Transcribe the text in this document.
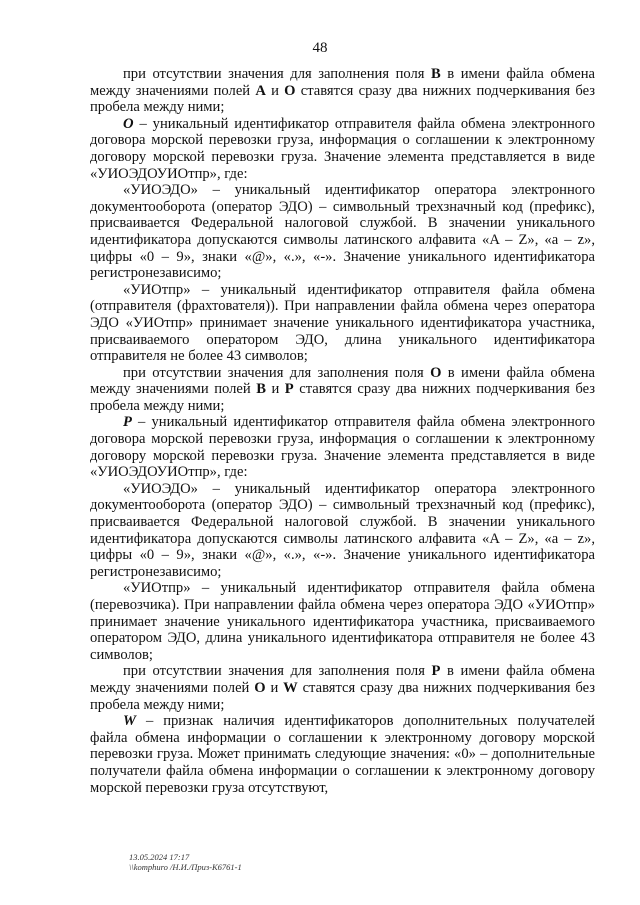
48

при отсутствии значения для заполнения поля B в имени файла обмена между значениями полей A и O ставятся сразу два нижних подчеркивания без пробела между ними;

O – уникальный идентификатор отправителя файла обмена электронного договора морской перевозки груза, информация о соглашении к электронному договору морской перевозки груза. Значение элемента представляется в виде «УИОЭДОУИОтпр», где:

«УИОЭДО» – уникальный идентификатор оператора электронного документооборота (оператор ЭДО) – символьный трехзначный код (префикс), присваивается Федеральной налоговой службой. В значении уникального идентификатора допускаются символы латинского алфавита «A – Z», «a – z», цифры «0 – 9», знаки «@», «.», «-». Значение уникального идентификатора регистронезависимо;

«УИОтпр» – уникальный идентификатор отправителя файла обмена (отправителя (фрахтователя)). При направлении файла обмена через оператора ЭДО «УИОтпр» принимает значение уникального идентификатора участника, присваиваемого оператором ЭДО, длина уникального идентификатора отправителя не более 43 символов;

при отсутствии значения для заполнения поля O в имени файла обмена между значениями полей B и P ставятся сразу два нижних подчеркивания без пробела между ними;

P – уникальный идентификатор отправителя файла обмена электронного договора морской перевозки груза, информация о соглашении к электронному договору морской перевозки груза. Значение элемента представляется в виде «УИОЭДОУИОтпр», где:

«УИОЭДО» – уникальный идентификатор оператора электронного документооборота (оператор ЭДО) – символьный трехзначный код (префикс), присваивается Федеральной налоговой службой. В значении уникального идентификатора допускаются символы латинского алфавита «A – Z», «a – z», цифры «0 – 9», знаки «@», «.», «-». Значение уникального идентификатора регистронезависимо;

«УИОтпр» – уникальный идентификатор отправителя файла обмена (перевозчика). При направлении файла обмена через оператора ЭДО «УИОтпр» принимает значение уникального идентификатора участника, присваиваемого оператором ЭДО, длина уникального идентификатора отправителя не более 43 символов;

при отсутствии значения для заполнения поля P в имени файла обмена между значениями полей O и W ставятся сразу два нижних подчеркивания без пробела между ними;

W – признак наличия идентификаторов дополнительных получателей файла обмена информации о соглашении к электронному договору морской перевозки груза. Может принимать следующие значения: «0» – дополнительные получатели файла обмена информации о соглашении к электронному договору морской перевозки груза отсутствуют,

13.05.2024 17:17
\\komphuro /Н.И./Приз-К6761-1
